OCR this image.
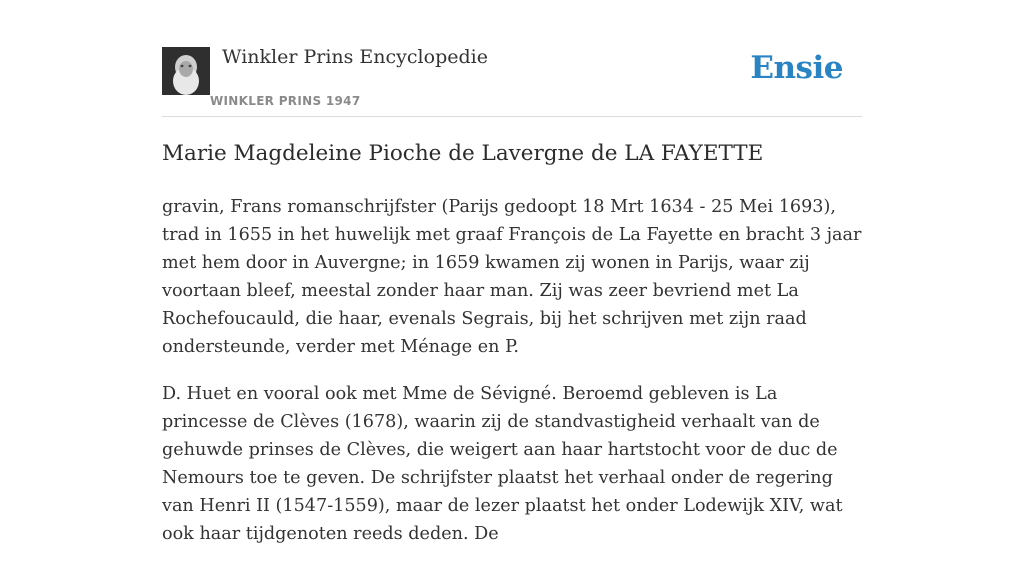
Winkler Prins Encyclopedie
WINKLER PRINS 1947
Ensie
Marie Magdeleine Pioche de Lavergne de LA FAYETTE

gravin, Frans romanschrijfster (Parijs gedoopt 18 Mrt 1634 - 25 Mei 1693), trad in 1655 in het huwelijk met graaf François de La Fayette en bracht 3 jaar met hem door in Auvergne; in 1659 kwamen zij wonen in Parijs, waar zij voortaan bleef, meestal zonder haar man. Zij was zeer bevriend met La Rochefoucauld, die haar, evenals Segrais, bij het schrijven met zijn raad ondersteunde, verder met Ménage en P.

D. Huet en vooral ook met Mme de Sévigné. Beroemd gebleven is La princesse de Clèves (1678), waarin zij de standvastigheid verhaalt van de gehuwde prinses de Clèves, die weigert aan haar hartstocht voor de duc de Nemours toe te geven. De schrijfster plaatst het verhaal onder de regering van Henri II (1547-1559), maar de lezer plaatst het onder Lodewijk XIV, wat ook haar tijdgenoten reeds deden. De
